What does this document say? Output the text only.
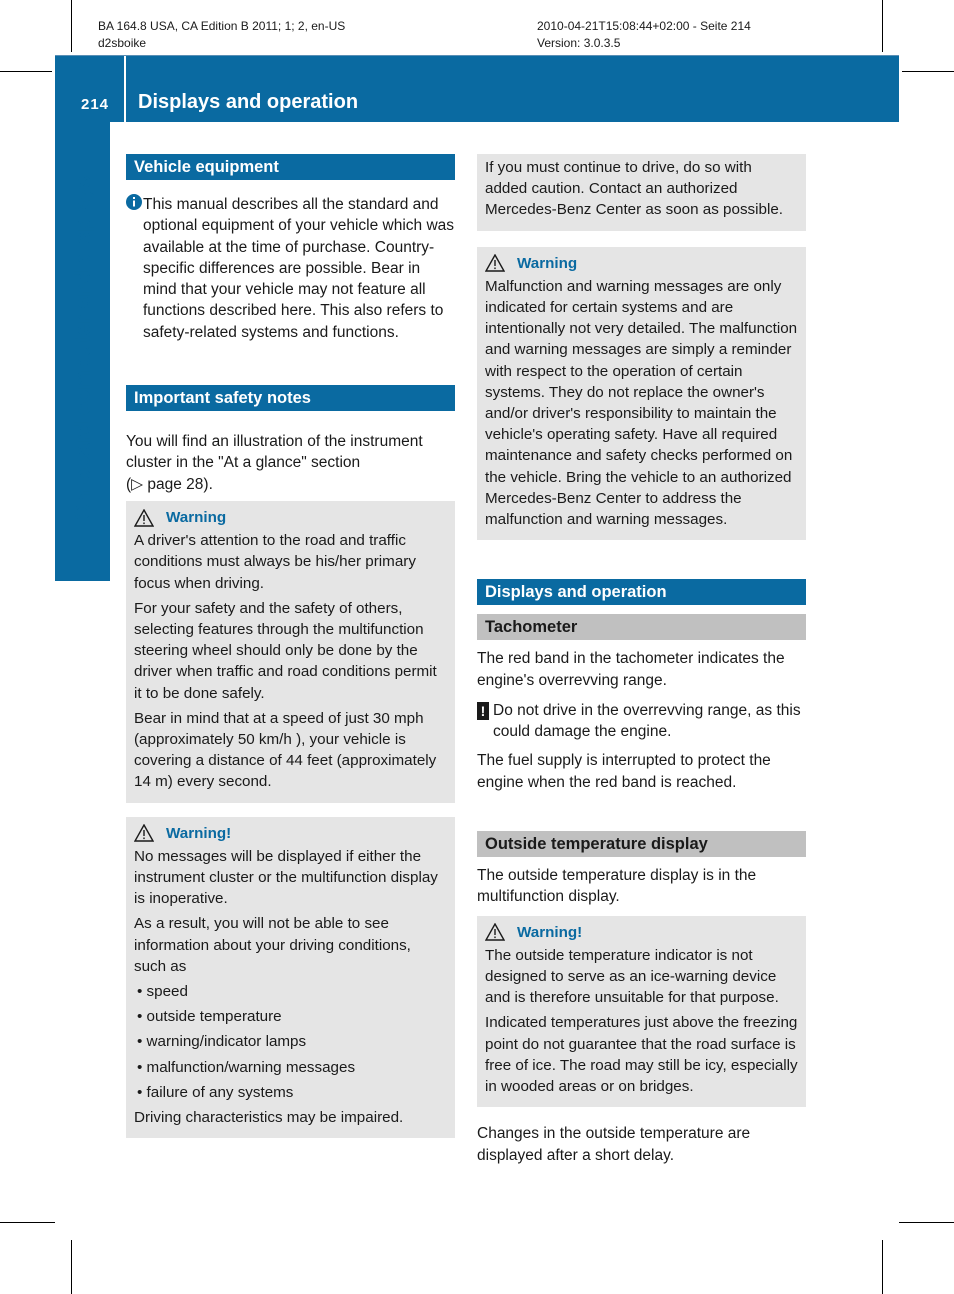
BA 164.8 USA, CA Edition B 2011; 1; 2, en-US
d2sboike
2010-04-21T15:08:44+02:00 - Seite 214
Version: 3.0.3.5
214 Displays and operation
On-board computer and displays
Vehicle equipment
This manual describes all the standard and optional equipment of your vehicle which was available at the time of purchase. Country-specific differences are possible. Bear in mind that your vehicle may not feature all functions described here. This also refers to safety-related systems and functions.
Important safety notes

You will find an illustration of the instrument cluster in the "At a glance" section
(▷ page 28).

Warning

A driver's attention to the road and traffic conditions must always be his/her primary focus when driving.

For your safety and the safety of others, selecting features through the multifunction steering wheel should only be done by the driver when traffic and road conditions permit it to be done safely.

Bear in mind that at a speed of just 30 mph (approximately 50 km/h ), your vehicle is covering a distance of 44 feet (approximately 14 m) every second.

Warning!

No messages will be displayed if either the instrument cluster or the multifunction display is inoperative.

As a result, you will not be able to see information about your driving conditions, such as

• speed
• outside temperature
• warning/indicator lamps
• malfunction/warning messages
• failure of any systems

Driving characteristics may be impaired.

If you must continue to drive, do so with added caution. Contact an authorized Mercedes-Benz Center as soon as possible.

Warning

Malfunction and warning messages are only indicated for certain systems and are intentionally not very detailed. The malfunction and warning messages are simply a reminder with respect to the operation of certain systems. They do not replace the owner's and/or driver's responsibility to maintain the vehicle's operating safety. Have all required maintenance and safety checks performed on the vehicle. Bring the vehicle to an authorized Mercedes-Benz Center to address the malfunction and warning messages.

Displays and operation
Tachometer

The red band in the tachometer indicates the engine's overrevving range.

! Do not drive in the overrevving range, as this could damage the engine.

The fuel supply is interrupted to protect the engine when the red band is reached.

Outside temperature display

The outside temperature display is in the multifunction display.

Warning!

The outside temperature indicator is not designed to serve as an ice-warning device and is therefore unsuitable for that purpose.

Indicated temperatures just above the freezing point do not guarantee that the road surface is free of ice. The road may still be icy, especially in wooded areas or on bridges.

Changes in the outside temperature are displayed after a short delay.
